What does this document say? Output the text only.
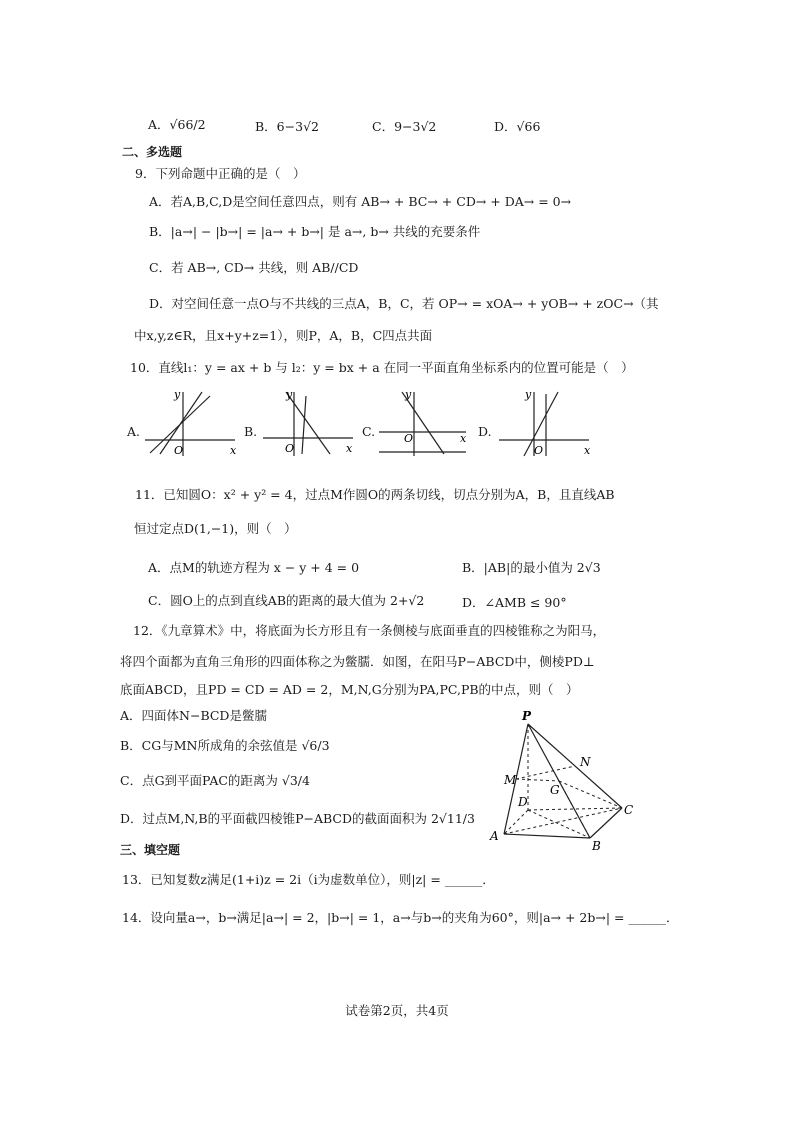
A．√66/2	B．6−3√2	C．9−3√2	D．√66
二、多选题
9．下列命题中正确的是（　）
A．若A,B,C,D是空间任意四点，则有 AB→ + BC→ + CD→ + DA→ = 0→
B．|a→| − |b→| = |a→ + b→| 是 a→, b→ 共线的充要条件
C．若 AB→, CD→ 共线，则 AB//CD
D．对空间任意一点O与不共线的三点A，B，C，若 OP→ = xOA→ + yOB→ + zOC→（其
中x,y,z∈R，且x+y+z=1），则P，A，B，C四点共面
10．直线l₁：y = ax + b 与 l₂：y = bx + a 在同一平面直角坐标系内的位置可能是（　）
A.
y
x
O
B.
y
x
O
C.
y
x
O	D.
y
x
O
11．已知圆O：x² + y² = 4，过点M作圆O的两条切线，切点分别为A，B，且直线AB
恒过定点D(1,−1)，则（　）
A．点M的轨迹方程为 x − y + 4 = 0	B．|AB|的最小值为 2√3
C．圆O上的点到直线AB的距离的最大值为 2+√2	D．∠AMB ≤ 90°
12．《九章算术》中，将底面为长方形且有一条侧棱与底面垂直的四棱锥称之为阳马，
将四个面都为直角三角形的四面体称之为鳖臑．如图，在阳马P−ABCD中，侧棱PD⊥
底面ABCD，且PD = CD = AD = 2，M,N,G分别为PA,PC,PB的中点，则（　）
A．四面体N−BCD是鳖臑
B．CG与MN所成角的余弦值是 √6/3
C．点G到平面PAC的距离为 √3/4
D．过点M,N,B的平面截四棱锥P−ABCD的截面面积为 2√11/3
P
M
N
G
D
A
B
C
三、填空题
13．已知复数z满足(1+i)z = 2i（i为虚数单位），则|z| = ______．
14．设向量a→，b→满足|a→| = 2，|b→| = 1，a→与b→的夹角为60°，则|a→ + 2b→| = ______．
试卷第2页，共4页
